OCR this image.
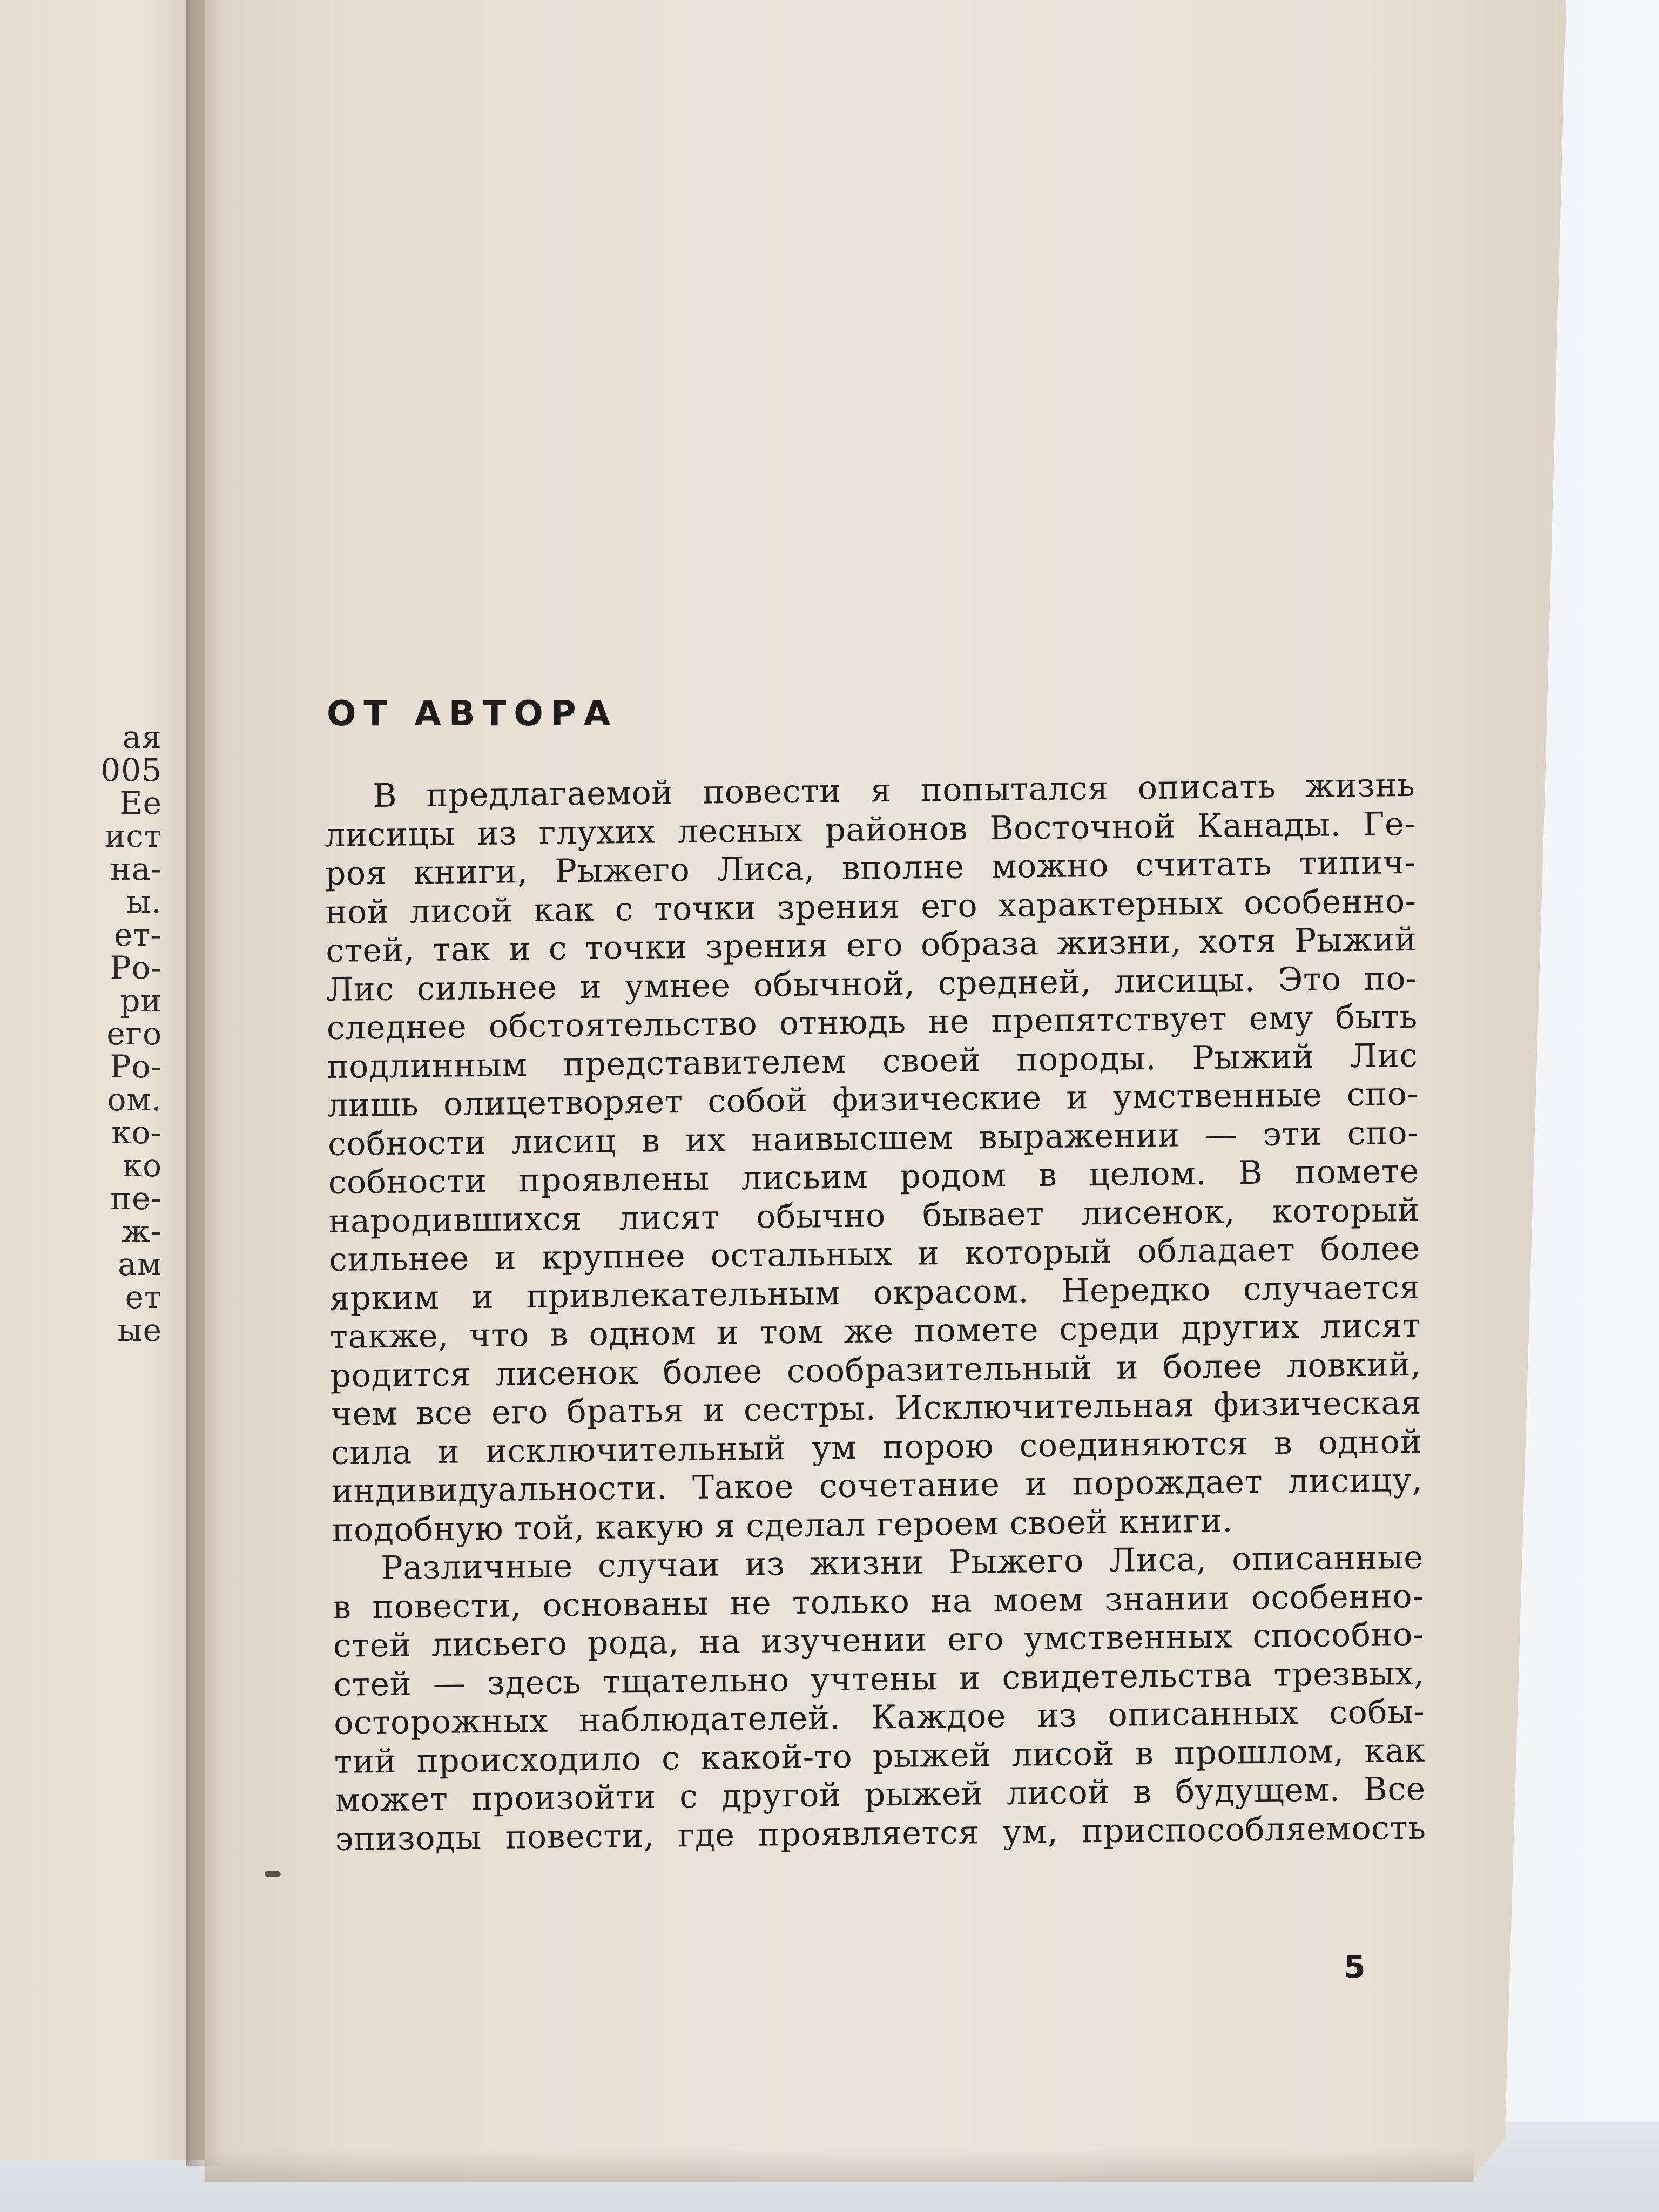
ая
005
Ее
ист
на-
ы.
ет-
Ро-
ри
его
Ро-
ом.
ко-
ко
пе-
ж-
ам
ет
ые
ОТ АВТОРА
В предлагаемой повести я попытался описать жизнь
лисицы из глухих лесных районов Восточной Канады. Ге-
роя книги, Рыжего Лиса, вполне можно считать типич-
ной лисой как с точки зрения его характерных особенно-
стей, так и с точки зрения его образа жизни, хотя Рыжий
Лис сильнее и умнее обычной, средней, лисицы. Это по-
следнее обстоятельство отнюдь не препятствует ему быть
подлинным представителем своей породы. Рыжий Лис
лишь олицетворяет собой физические и умственные спо-
собности лисиц в их наивысшем выражении — эти спо-
собности проявлены лисьим родом в целом. В помете
народившихся лисят обычно бывает лисенок, который
сильнее и крупнее остальных и который обладает более
ярким и привлекательным окрасом. Нередко случается
также, что в одном и том же помете среди других лисят
родится лисенок более сообразительный и более ловкий,
чем все его братья и сестры. Исключительная физическая
сила и исключительный ум порою соединяются в одной
индивидуальности. Такое сочетание и порождает лисицу,
подобную той, какую я сделал героем своей книги.
Различные случаи из жизни Рыжего Лиса, описанные
в повести, основаны не только на моем знании особенно-
стей лисьего рода, на изучении его умственных способно-
стей — здесь тщательно учтены и свидетельства трезвых,
осторожных наблюдателей. Каждое из описанных собы-
тий происходило с какой-то рыжей лисой в прошлом, как
может произойти с другой рыжей лисой в будущем. Все
эпизоды повести, где проявляется ум, приспособляемость
5
